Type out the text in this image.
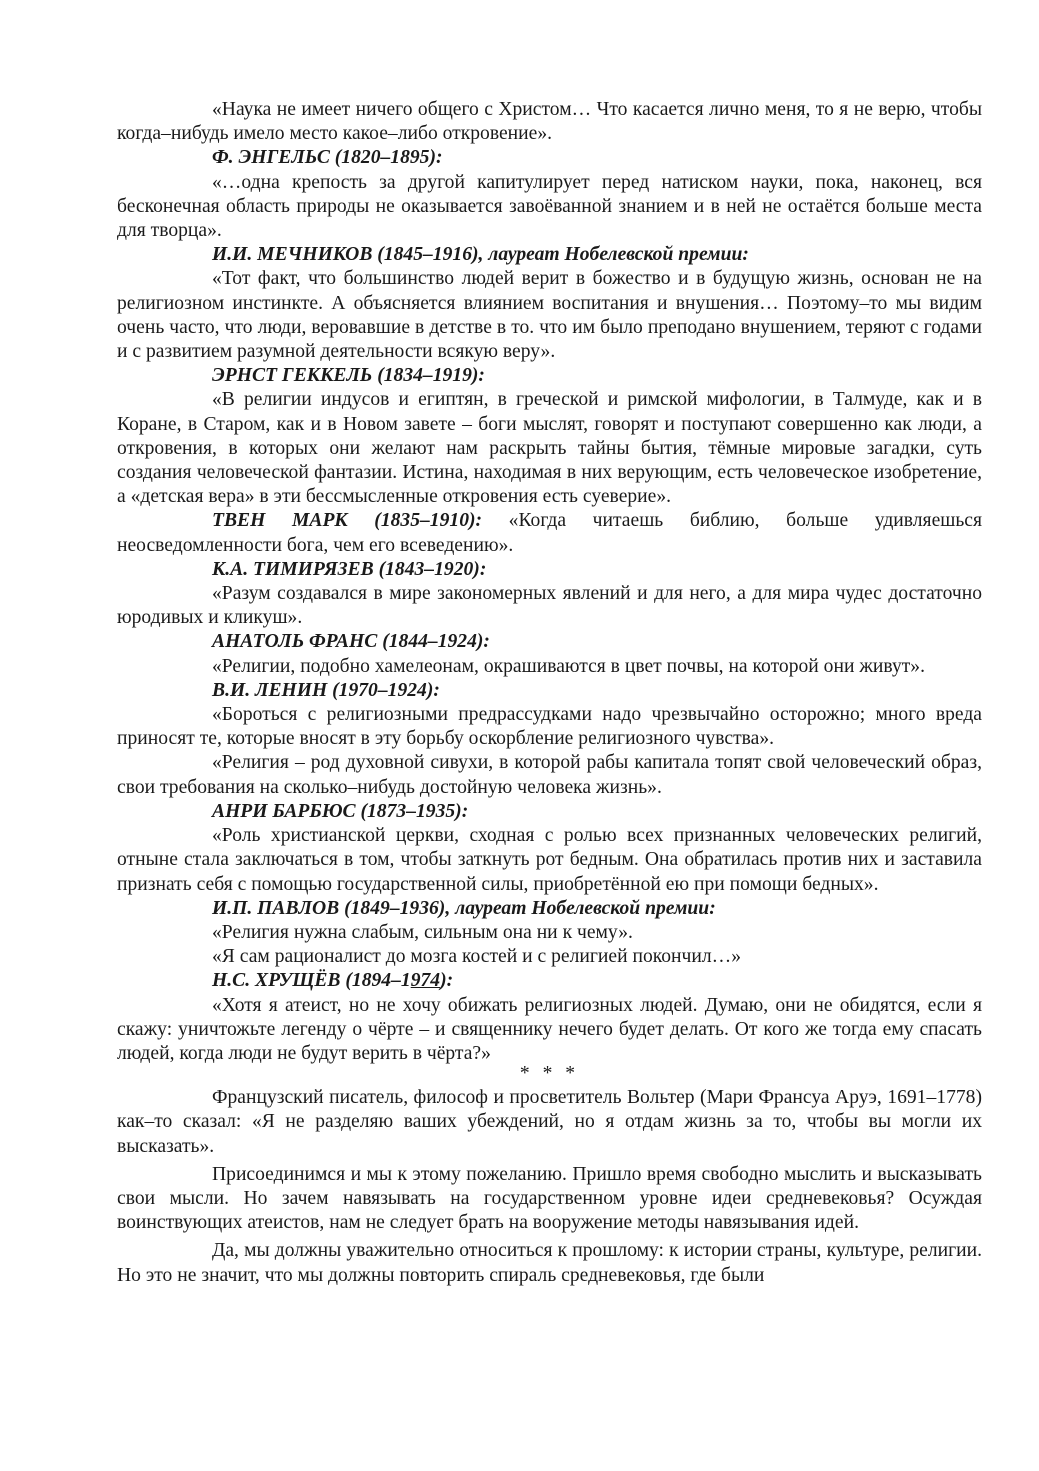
«Наука не имеет ничего общего с Христом… Что касается лично меня, то я не верю, чтобы когда–нибудь имело место какое–либо откровение».

Ф. ЭНГЕЛЬС (1820–1895):

«…одна крепость за другой капитулирует перед натиском науки, пока, наконец, вся бесконечная область природы не оказывается завоёванной знанием и в ней не остаётся больше места для творца».

И.И. МЕЧНИКОВ (1845–1916), лауреат Нобелевской премии:

«Тот факт, что большинство людей верит в божество и в будущую жизнь, основан не на религиозном инстинкте. А объясняется влиянием воспитания и внушения… Поэтому–то мы видим очень часто, что люди, веровавшие в детстве в то. что им было преподано внушением, теряют с годами и с развитием разумной деятельности всякую веру».

ЭРНСТ ГЕККЕЛЬ (1834–1919):

«В религии индусов и египтян, в греческой и римской мифологии, в Талмуде, как и в Коране, в Старом, как и в Новом завете – боги мыслят, говорят и поступают совершенно как люди, а откровения, в которых они желают нам раскрыть тайны бытия, тёмные мировые загадки, суть создания человеческой фантазии. Истина, находимая в них верующим, есть человеческое изобретение, а «детская вера» в эти бессмысленные откровения есть суеверие».

ТВЕН МАРК (1835–1910): «Когда читаешь библию, больше удивляешься неосведомленности бога, чем его всеведению».

К.А. ТИМИРЯЗЕВ (1843–1920):

«Разум создавался в мире закономерных явлений и для него, а для мира чудес достаточно юродивых и кликуш».

АНАТОЛЬ ФРАНС (1844–1924):

«Религии, подобно хамелеонам, окрашиваются в цвет почвы, на которой они живут».

В.И. ЛЕНИН (1970–1924):

«Бороться с религиозными предрассудками надо чрезвычайно осторожно; много вреда приносят те, которые вносят в эту борьбу оскорбление религиозного чувства».

«Религия – род духовной сивухи, в которой рабы капитала топят свой человеческий образ, свои требования на сколько–нибудь достойную человека жизнь».

АНРИ БАРБЮС (1873–1935):

«Роль христианской церкви, сходная с ролью всех признанных человеческих религий, отныне стала заключаться в том, чтобы заткнуть рот бедным. Она обратилась против них и заставила признать себя с помощью государственной силы, приобретённой ею при помощи бедных».

И.П. ПАВЛОВ (1849–1936), лауреат Нобелевской премии:

«Религия нужна слабым, сильным она ни к чему».

«Я сам рационалист до мозга костей и с религией покончил…»

Н.С. ХРУЩЁВ (1894–1974):

«Хотя я атеист, но не хочу обижать религиозных людей. Думаю, они не обидятся, если я скажу: уничтожьте легенду о чёрте – и священнику нечего будет делать. От кого же тогда ему спасать людей, когда люди не будут верить в чёрта?»

* * *

Французский писатель, философ и просветитель Вольтер (Мари Франсуа Аруэ, 1691–1778) как–то сказал: «Я не разделяю ваших убеждений, но я отдам жизнь за то, чтобы вы могли их высказать».

Присоединимся и мы к этому пожеланию. Пришло время свободно мыслить и высказывать свои мысли. Но зачем навязывать на государственном уровне идеи средневековья? Осуждая воинствующих атеистов, нам не следует брать на вооружение методы навязывания идей.

Да, мы должны уважительно относиться к прошлому: к истории страны, культуре, религии. Но это не значит, что мы должны повторить спираль средневековья, где были
